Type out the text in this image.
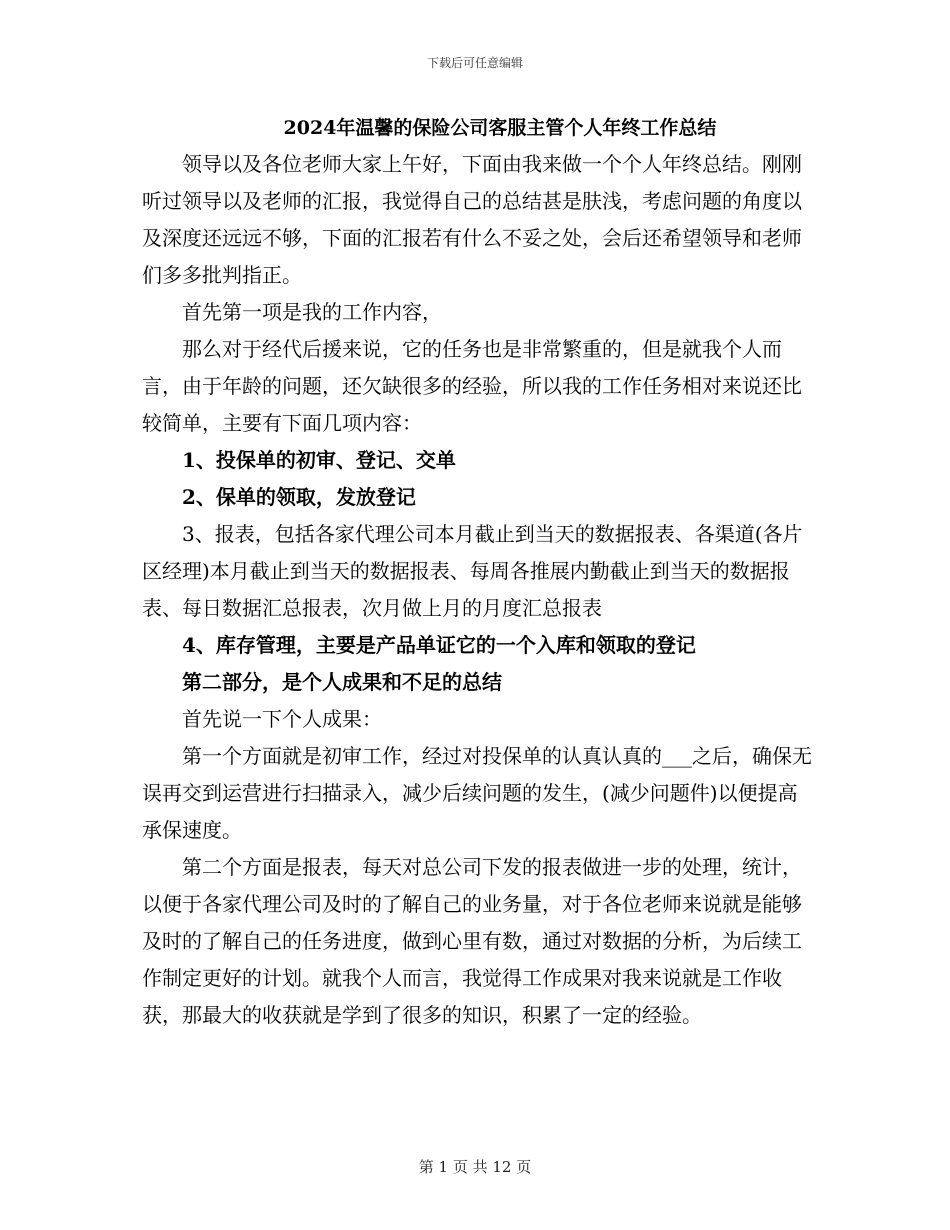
下载后可任意编辑
2024年温馨的保险公司客服主管个人年终工作总结

领导以及各位老师大家上午好，下面由我来做一个个人年终总结。刚刚听过领导以及老师的汇报，我觉得自己的总结甚是肤浅，考虑问题的角度以及深度还远远不够，下面的汇报若有什么不妥之处，会后还希望领导和老师们多多批判指正。

首先第一项是我的工作内容，

那么对于经代后援来说，它的任务也是非常繁重的，但是就我个人而言，由于年龄的问题，还欠缺很多的经验，所以我的工作任务相对来说还比较简单，主要有下面几项内容：

1、投保单的初审、登记、交单

2、保单的领取，发放登记

3、报表，包括各家代理公司本月截止到当天的数据报表、各渠道(各片区经理)本月截止到当天的数据报表、每周各推展内勤截止到当天的数据报表、每日数据汇总报表，次月做上月的月度汇总报表

4、库存管理，主要是产品单证它的一个入库和领取的登记

第二部分，是个人成果和不足的总结

首先说一下个人成果：

第一个方面就是初审工作，经过对投保单的认真认真的___之后，确保无误再交到运营进行扫描录入，减少后续问题的发生，(减少问题件)以便提高承保速度。

第二个方面是报表，每天对总公司下发的报表做进一步的处理，统计，以便于各家代理公司及时的了解自己的业务量，对于各位老师来说就是能够及时的了解自己的任务进度，做到心里有数，通过对数据的分析，为后续工作制定更好的计划。就我个人而言，我觉得工作成果对我来说就是工作收获，那最大的收获就是学到了很多的知识，积累了一定的经验。

第 1 页 共 12 页
